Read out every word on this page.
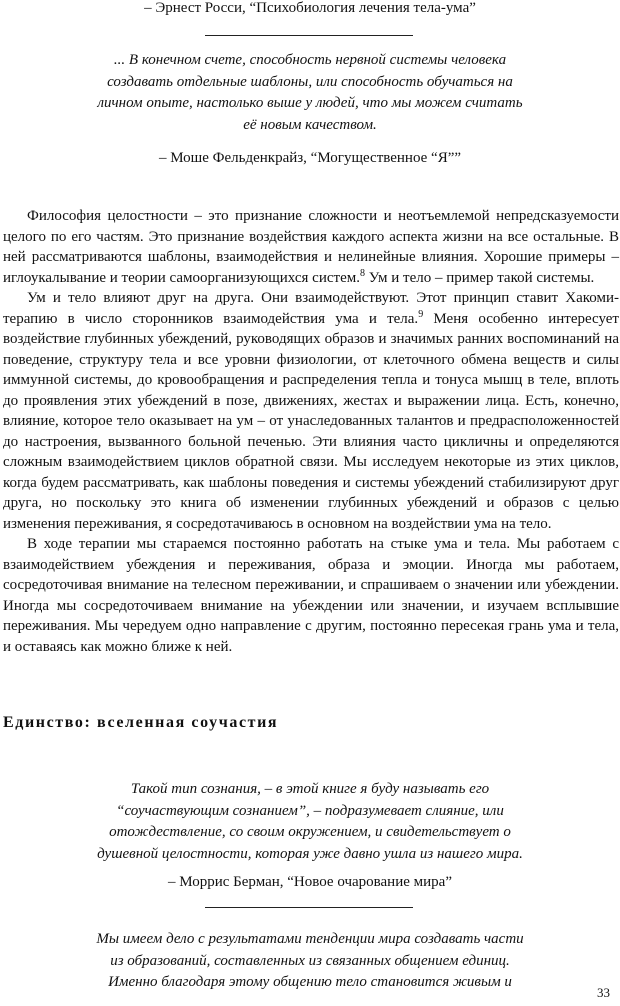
– Эрнест Росси, “Психобиология лечения тела-ума”
... В конечном счете, способность нервной системы человека
создавать отдельные шаблоны, или способность обучаться на
личном опыте, настолько выше у людей, что мы можем считать
её новым качеством.
– Моше Фельденкрайз, “Могущественное “Я””

Философия целостности – это признание сложности и неотъемлемой непредсказуемости целого по его частям. Это признание воздействия каждого аспекта жизни на все остальные. В ней рассматриваются шаблоны, взаимодействия и нелинейные влияния. Хорошие примеры – иглоукалывание и теории самоорганизующихся систем.$^8$ Ум и тело – пример такой системы.

Ум и тело влияют друг на друга. Они взаимодействуют. Этот принцип ставит Хакоми-терапию в число сторонников взаимодействия ума и тела.$^9$ Меня особенно интересует воздействие глубинных убеждений, руководящих образов и значимых ранних воспоминаний на поведение, структуру тела и все уровни физиологии, от клеточного обмена веществ и силы иммунной системы, до кровообращения и распределения тепла и тонуса мышц в теле, вплоть до проявления этих убеждений в позе, движениях, жестах и выражении лица. Есть, конечно, влияние, которое тело оказывает на ум – от унаследованных талантов и предрасположенностей до настроения, вызванного больной печенью. Эти влияния часто цикличны и определяются сложным взаимодействием циклов обратной связи. Мы исследуем некоторые из этих циклов, когда будем рассматривать, как шаблоны поведения и системы убеждений стабилизируют друг друга, но поскольку это книга об изменении глубинных убеждений и образов с целью изменения переживания, я сосредотачиваюсь в основном на воздействии ума на тело.

В ходе терапии мы стараемся постоянно работать на стыке ума и тела. Мы работаем с взаимодействием убеждения и переживания, образа и эмоции. Иногда мы работаем, сосредоточивая внимание на телесном переживании, и спрашиваем о значении или убеждении. Иногда мы сосредоточиваем внимание на убеждении или значении, и изучаем всплывшие переживания. Мы чередуем одно направление с другим, постоянно пересекая грань ума и тела, и оставаясь как можно ближе к ней.

Единство: вселенная соучастия
Такой тип сознания, – в этой книге я буду называть его
“соучаствующим сознанием”, – подразумевает слияние, или
отождествление, со своим окружением, и свидетельствует о
душевной целостности, которая уже давно ушла из нашего мира.
– Моррис Берман, “Новое очарование мира”
Мы имеем дело с результатами тенденции мира создавать части
из образований, составленных из связанных общением единиц.
Именно благодаря этому общению тело становится живым и
33
